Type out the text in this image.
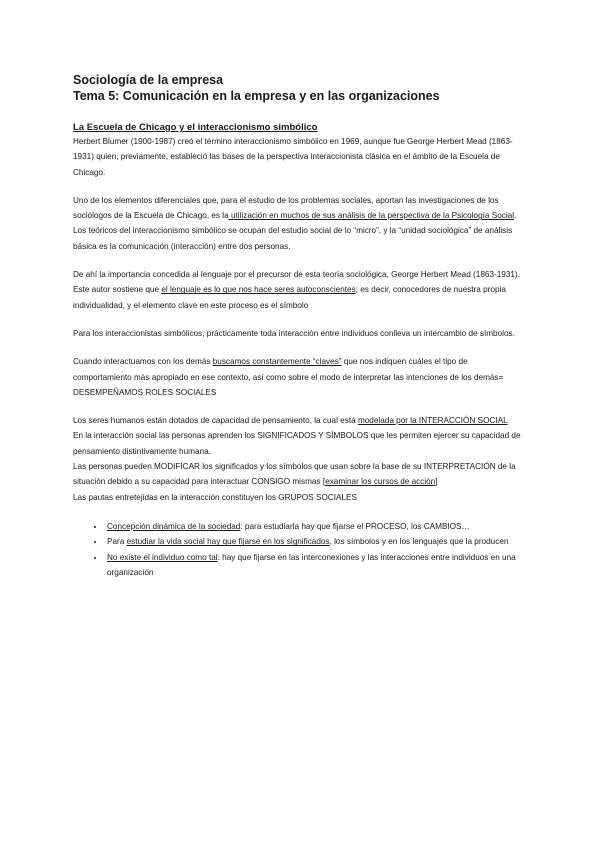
Sociología de la empresa
Tema 5: Comunicación en la empresa y en las organizaciones
La Escuela de Chicago y el interaccionismo simbólico

Herbert Blumer (1900-1987) creó el término interaccionismo simbólico en 1969, aunque fue George Herbert Mead (1863-1931) quien, previamente, estableció las bases de la perspectiva interaccionista clásica en el ámbito de la Escuela de Chicago.

Uno de los elementos diferenciales que, para el estudio de los problemas sociales, aportan las investigaciones de los sociólogos de la Escuela de Chicago, es la utilización en muchos de sus análisis de la perspectiva de la Psicología Social. Los teóricos del interaccionismo simbólico se ocupan del estudio social de lo “micro”, y la “unidad sociológica” de análisis básica es la comunicación (interacción) entre dos personas.

De ahí la importancia concedida al lenguaje por el precursor de esta teoría sociológica, George Herbert Mead (1863-1931). Este autor sostiene que el lenguaje es lo que nos hace seres autoconscientes; es decir, conocedores de nuestra propia individualidad, y el elemento clave en este proceso es el símbolo

Para los interaccionistas simbólicos, prácticamente toda interacción entre individuos conlleva un intercambio de símbolos.

Cuando interactuamos con los demás buscamos constantemente “claves” que nos indiquen cuáles el tipo de comportamiento más apropiado en ese contexto, así como sobre el modo de interpretar las intenciones de los demás= DESEMPEÑAMOS ROLES SOCIALES

Los seres humanos están dotados de capacidad de pensamiento, la cual está modelada por la INTERACCIÓN SOCIAL

En la interacción social las personas aprenden los SIGNIFICADOS Y SÍMBOLOS que les permiten ejercer su capacidad de pensamiento distintivamente humana.

Las personas pueden MODIFICAR los significados y los símbolos que usan sobre la base de su INTERPRETACIÓN de la situación debido a su capacidad para interactuar CONSIGO mismas [examinar los cursos de acción]

Las pautas entretejidas en la interacción constituyen los GRUPOS SOCIALES

• Concepción dinámica de la sociedad: para estudiarla hay que fijarse el PROCESO, los CAMBIOS…
• Para estudiar la vida social hay que fijarse en los significados, los símbolos y en los lenguajes que la producen
• No existe el individuo como tal: hay que fijarse en las interconexiones y las interacciones entre individuos en una organización
